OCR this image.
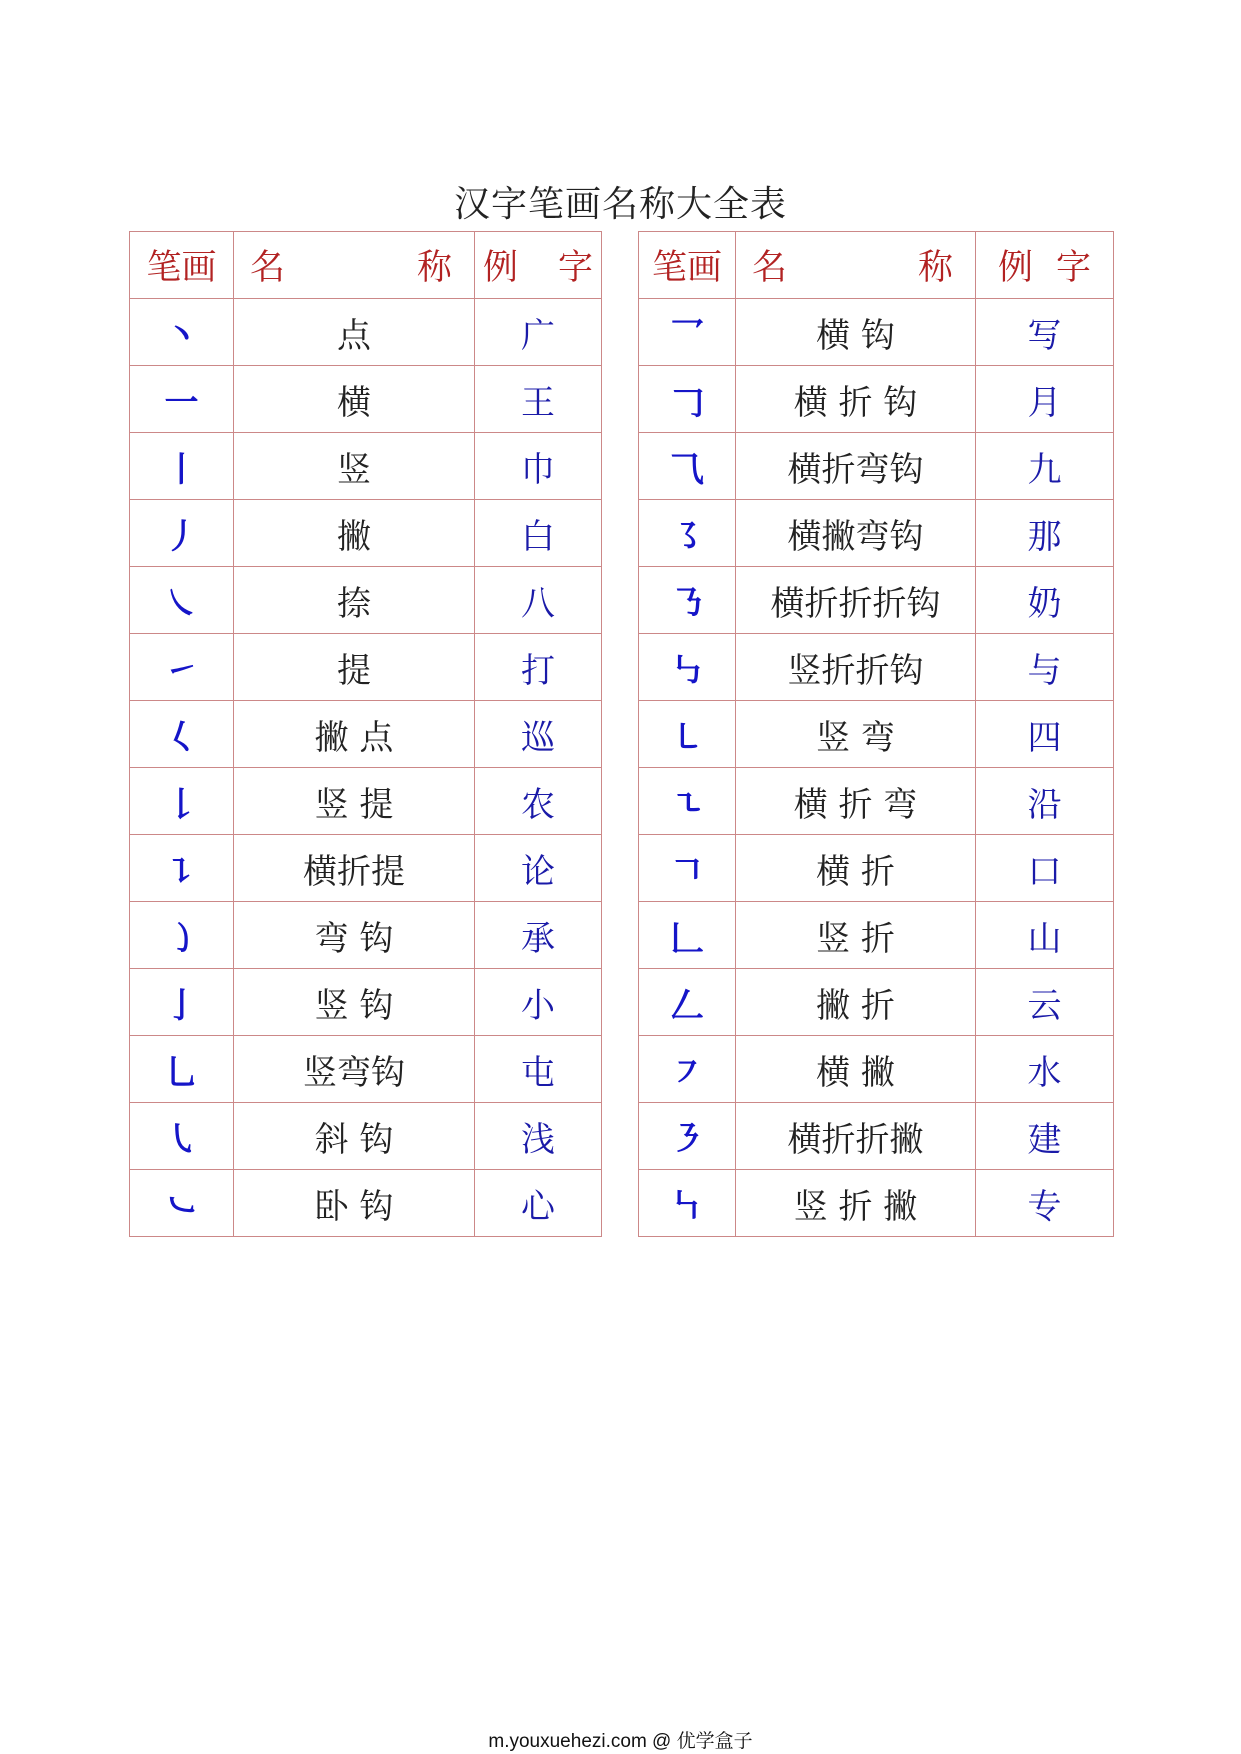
汉字笔画名称大全表
笔画	名 称	例 字		笔画	名 称	例 字

丶	点	广		乛	横 钩	写
一	横	王		𠃌	横 折 钩	月
丨	竖	巾		⺄	横折弯钩	九
丿	撇	白		㇌	横撇弯钩	那
㇏	捺	八		㇡	横折折折钩	奶
㇀	提	打		㇉	竖折折钩	与
𡿨	撇 点	巡		㇄	竖 弯	四
𠄌	竖 提	农		㇍	横 折 弯	沿
㇊	横折提	论		𠃍	横 折	口
㇁	弯 钩	承		𠃊	竖 折	山
亅	竖 钩	小		𠃋	撇 折	云
乚	竖弯钩	屯		㇇	横 撇	水
㇂	斜 钩	浅		㇋	横折折撇	建
㇃	卧 钩	心		㇞	竖 折 撇	专
m.youxuehezi.com @ 优学盒子
